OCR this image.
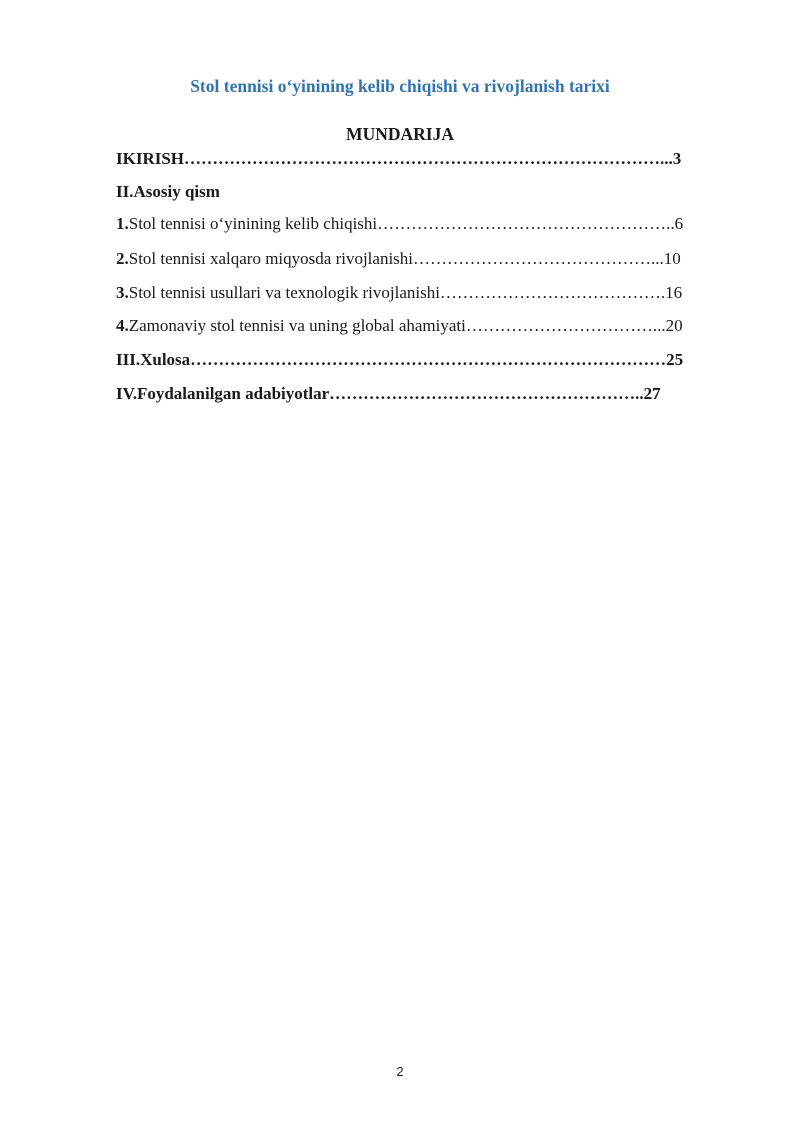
Stol tennisi o‘yinining kelib chiqishi va rivojlanish tarixi
MUNDARIJA
IKIRISH…………………………………………………………………………...3
II.Asosiy qism
1.Stol tennisi o‘yinining kelib chiqishi……………………………………………..6
2.Stol tennisi xalqaro miqyosda rivojlanishi……………………………………...10
3.Stol tennisi usullari va texnologik rivojlanishi………………………………….16
4.Zamonaviy stol tennisi va uning global ahamiyati……………………………...20
III.Xulosa…………………………………………………………………………25
IV.Foydalanilgan adabiyotlar………………………………………………..27
2
